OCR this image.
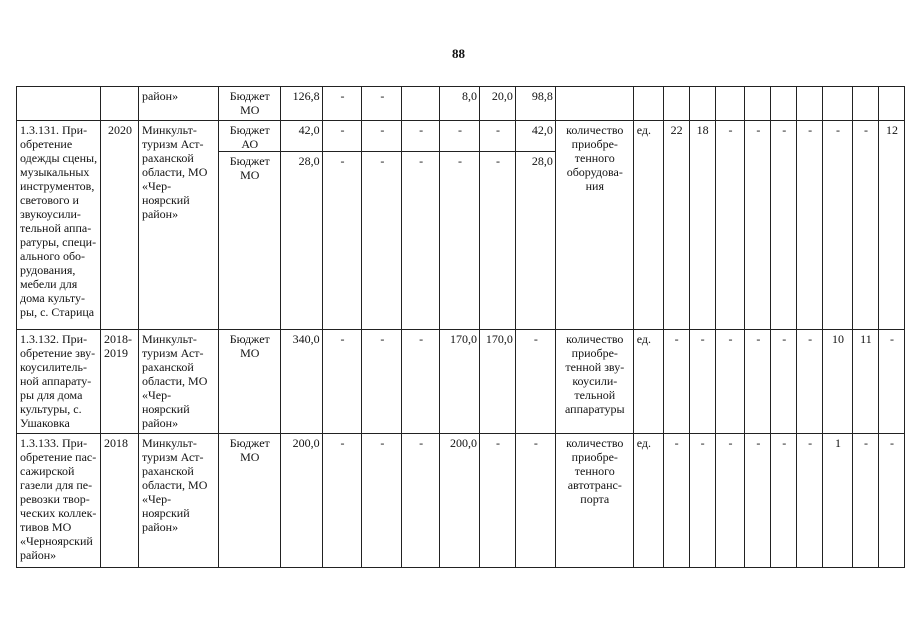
88
		район»	Бюджет МО	126,8	-	-		8,0	20,0	98,8											
1.3.131. При-обретение одежды сцены, музыкальных инструментов, светового и звукоусили-тельной аппа-ратуры, специ-ального обо-рудования, мебели для дома культу-ры, с. Старица	2020	Минкульт-туризм Аст-раханской области, МО «Чер-ноярский район»	Бюджет АО	42,0	-	-	-	-	-	42,0	количество приобре-тенного оборудова-ния	ед.	22	18	-	-	-	-	-	-	12
			Бюджет МО	28,0	-	-	-	-	-	28,0											
1.3.132. При-обретение зву-коусилитель-ной аппарату-ры для дома культуры, с. Ушаковка	2018-2019	Минкульт-туризм Аст-раханской области, МО «Чер-ноярский район»	Бюджет МО	340,0	-	-	-	170,0	170,0	-	количество приобре-тенной зву-коусили-тельной аппаратуры	ед.	-	-	-	-	-	-	10	11	-
1.3.133. При-обретение пас-сажирской газели для пе-ревозки твор-ческих коллек-тивов МО «Черноярский район»	2018	Минкульт-туризм Аст-раханской области, МО «Чер-ноярский район»	Бюджет МО	200,0	-	-	-	200,0	-	-	количество приобре-тенного автотранс-порта	ед.	-	-	-	-	-	-	1	-	-
